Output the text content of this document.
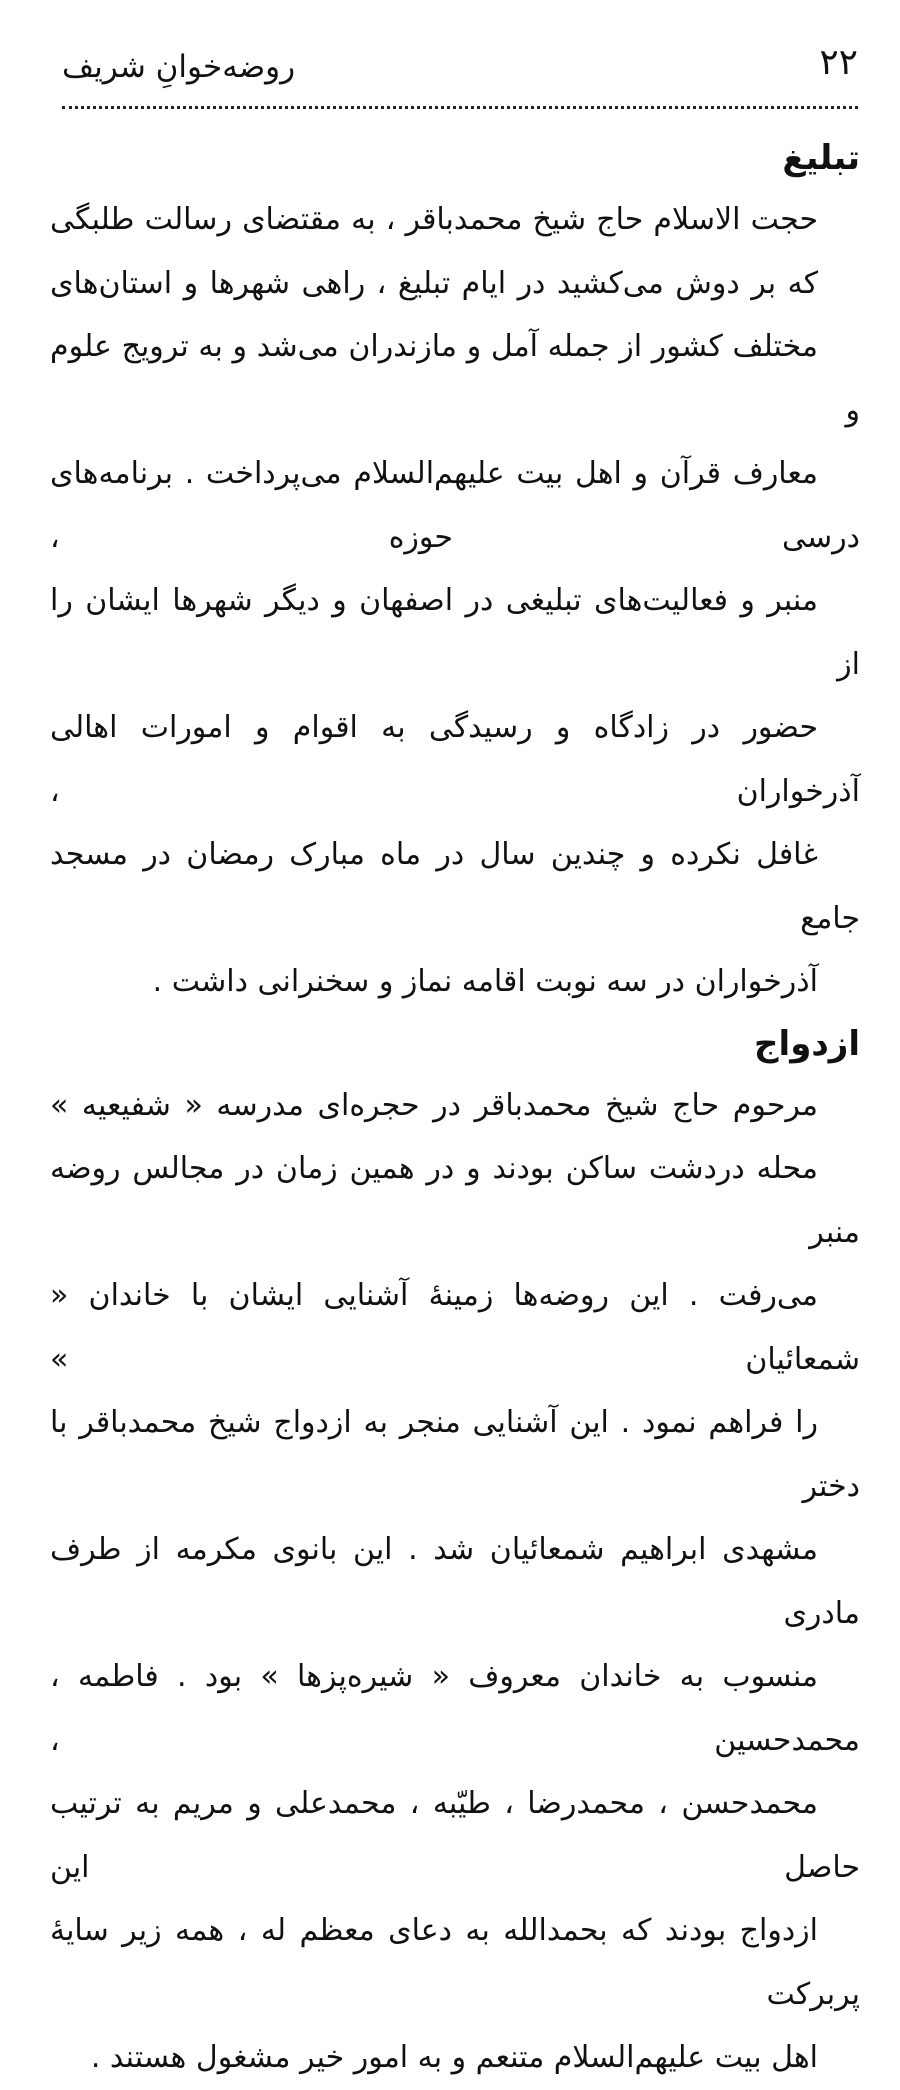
۲۲
روضه‌خوانِ شریف
تبلیغ
حجت الاسلام حاج شیخ محمدباقر ، به مقتضای رسالت طلبگی
که بر دوش می‌کشید در ایام تبلیغ ، راهی شهرها و استان‌های
مختلف کشور از جمله آمل و مازندران می‌شد و به ترویج علوم و
معارف قرآن و اهل بیت علیهم‌السلام می‌پرداخت . برنامه‌های درسی حوزه ،
منبر و فعالیت‌های تبلیغی در اصفهان و دیگر شهرها ایشان را از
حضور در زادگاه و رسیدگی به اقوام و امورات اهالی آذرخواران ،
غافل نکرده و چندین سال در ماه مبارک رمضان در مسجد جامع
آذرخواران در سه نوبت اقامه نماز و سخنرانی داشت .
ازدواج
مرحوم حاج شیخ محمدباقر در حجره‌ای مدرسه « شفیعیه »
محله دردشت ساکن بودند و در همین زمان در مجالس روضه منبر
می‌رفت . این روضه‌ها زمینهٔ آشنایی ایشان با خاندان « شمعائیان »
را فراهم نمود . این آشنایی منجر به ازدواج شیخ محمدباقر با دختر
مشهدی ابراهیم شمعائیان شد . این بانوی مکرمه از طرف مادری
منسوب به خاندان معروف « شیره‌پزها » بود . فاطمه ، محمدحسین ،
محمدحسن ، محمدرضا ، طیّبه ، محمدعلی و مریم به ترتیب حاصل این
ازدواج بودند که بحمدالله به دعای معظم له ، همه زیر سایهٔ پربرکت
اهل بیت علیهم‌السلام متنعم و به امور خیر مشغول هستند .
